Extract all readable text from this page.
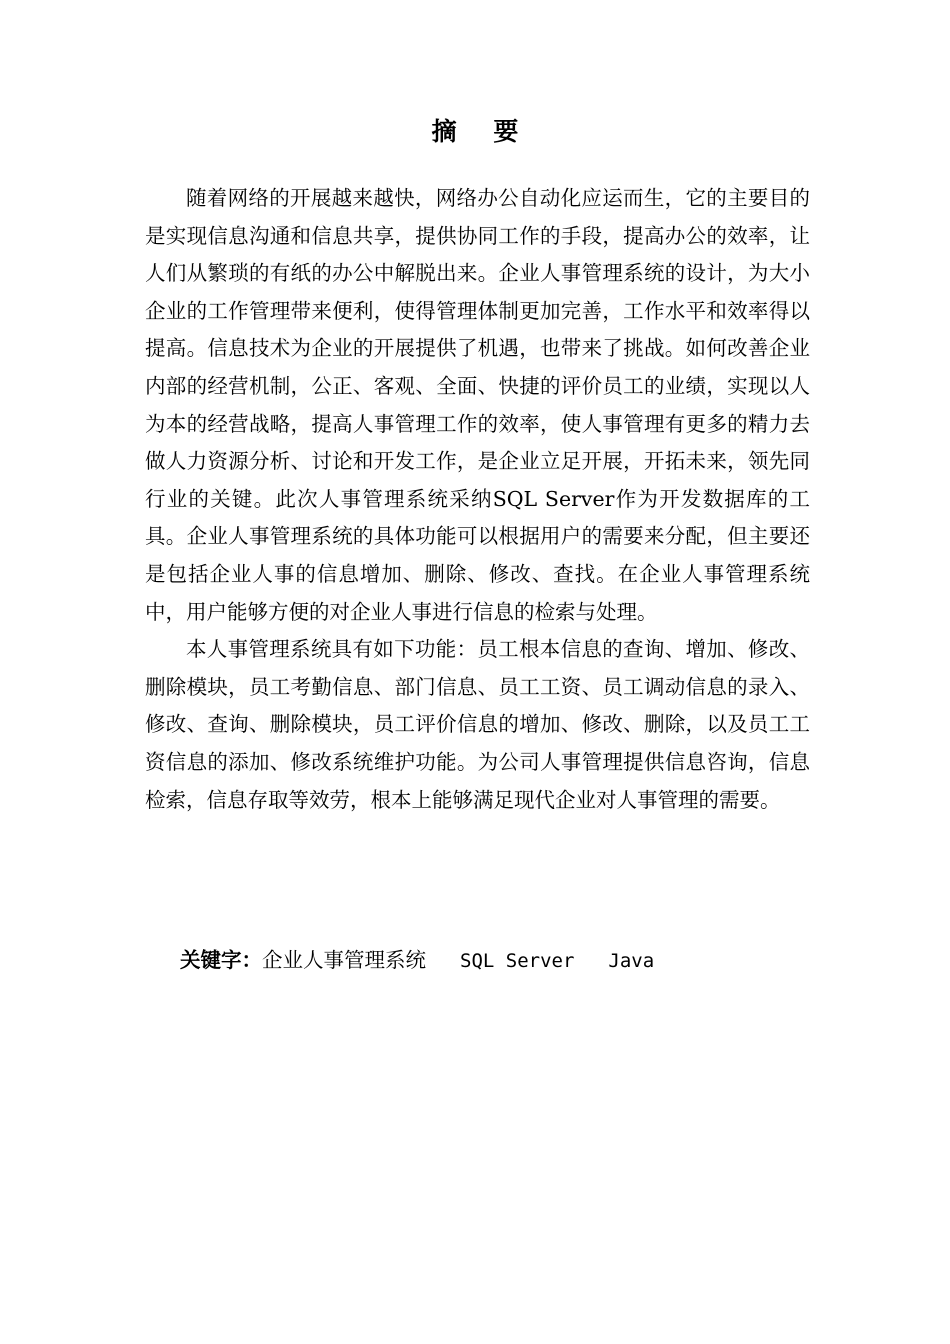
摘 要

随着网络的开展越来越快，网络办公自动化应运而生，它的主要目的是实现信息沟通和信息共享，提供协同工作的手段，提高办公的效率，让人们从繁琐的有纸的办公中解脱出来。企业人事管理系统的设计，为大小企业的工作管理带来便利，使得管理体制更加完善，工作水平和效率得以提高。信息技术为企业的开展提供了机遇，也带来了挑战。如何改善企业内部的经营机制，公正、客观、全面、快捷的评价员工的业绩，实现以人为本的经营战略，提高人事管理工作的效率，使人事管理有更多的精力去做人力资源分析、讨论和开发工作，是企业立足开展，开拓未来，领先同行业的关键。此次人事管理系统采纳SQL Server作为开发数据库的工具。企业人事管理系统的具体功能可以根据用户的需要来分配，但主要还是包括企业人事的信息增加、删除、修改、查找。在企业人事管理系统中，用户能够方便的对企业人事进行信息的检索与处理。

本人事管理系统具有如下功能：员工根本信息的查询、增加、修改、删除模块，员工考勤信息、部门信息、员工工资、员工调动信息的录入、修改、查询、删除模块，员工评价信息的增加、修改、删除，以及员工工资信息的添加、修改系统维护功能。为公司人事管理提供信息咨询，信息检索，信息存取等效劳，根本上能够满足现代企业对人事管理的需要。

关键字：企业人事管理系统 SQL Server Java
